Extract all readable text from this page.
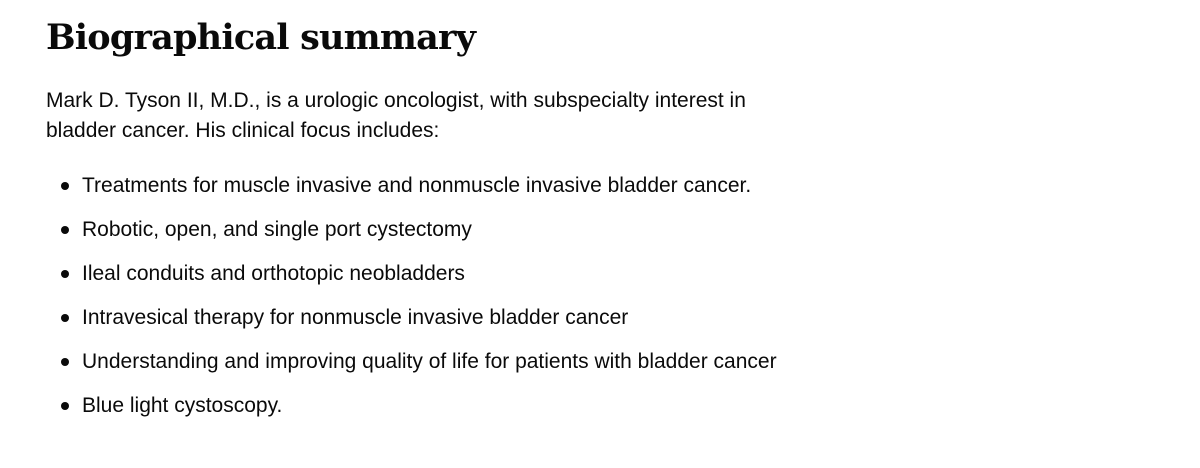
Biographical summary

Mark D. Tyson II, M.D., is a urologic oncologist, with subspecialty interest in bladder cancer. His clinical focus includes:

Treatments for muscle invasive and nonmuscle invasive bladder cancer.
Robotic, open, and single port cystectomy
Ileal conduits and orthotopic neobladders
Intravesical therapy for nonmuscle invasive bladder cancer
Understanding and improving quality of life for patients with bladder cancer
Blue light cystoscopy.
